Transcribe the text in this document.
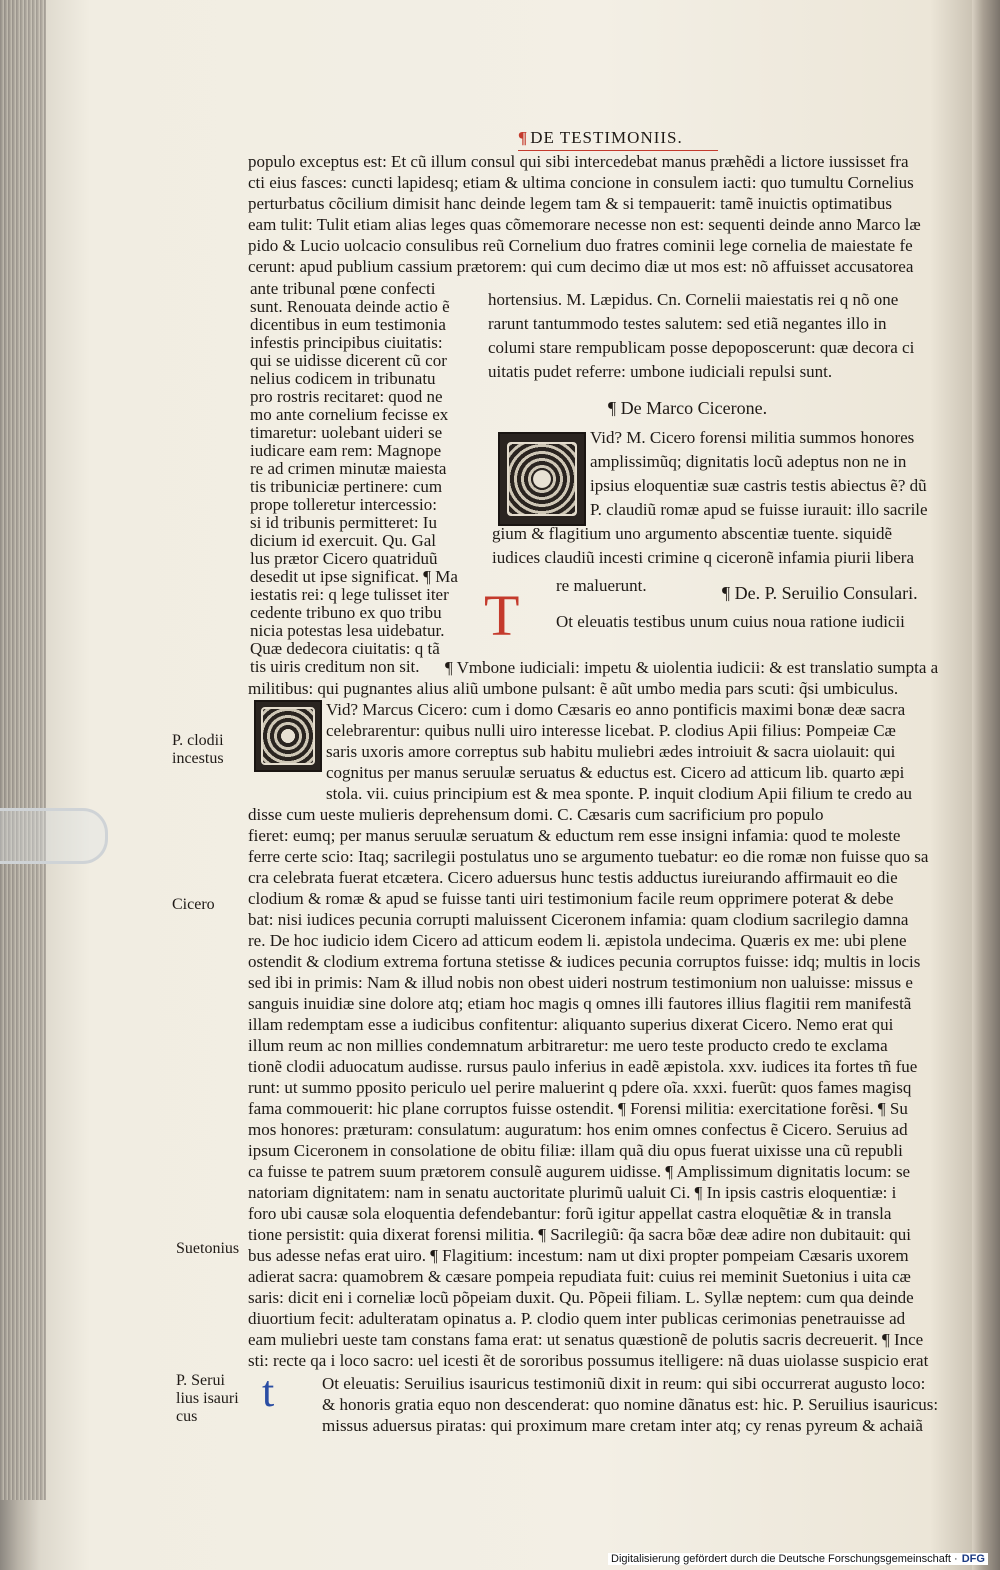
¶ DE TESTIMONIIS.
populo exceptus est: Et cũ illum consul qui sibi intercedebat manus præhẽdi a lictore iussisset fra
cti eius fasces: cuncti lapidesq; etiam & ultima concione in consulem iacti: quo tumultu Cornelius
perturbatus cõcilium dimisit hanc deinde legem tam & si tempauerit: tamẽ inuictis optimatibus
eam tulit: Tulit etiam alias leges quas cõmemorare necesse non est: sequenti deinde anno Marco læ
pido & Lucio uolcacio consulibus reũ Cornelium duo fratres cominii lege cornelia de maiestate fe
cerunt: apud publium cassium prætorem: qui cum decimo diæ ut mos est: nõ affuisset accusatorea
ante tribunal pœne confecti
sunt. Renouata deinde actio ẽ
dicentibus in eum testimonia
infestis principibus ciuitatis:
qui se uidisse dicerent cũ cor
nelius codicem in tribunatu
pro rostris recitaret: quod ne
mo ante cornelium fecisse ex
timaretur: uolebant uideri se
iudicare eam rem: Magnope
re ad crimen minutæ maiesta
tis tribuniciæ pertinere: cum
prope tolleretur intercessio:
si id tribunis permitteret: Iu
dicium id exercuit. Qu. Gal
lus prætor Cicero quatriduũ
desedit ut ipse significat. ¶ Ma
iestatis rei: q lege tulisset iter
cedente tribuno ex quo tribu
nicia potestas lesa uidebatur.
Quæ dedecora ciuitatis: q tã
tis uiris creditum non sit.
hortensius. M. Læpidus. Cn. Cornelii maiestatis rei q nõ one
rarunt tantummodo testes salutem: sed etiã negantes illo in
columi stare rempublicam posse depoposcerunt: quæ decora ci
uitatis pudet referre: umbone iudiciali repulsi sunt.
¶ De Marco Cicerone.
Vid? M. Cicero forensi militia summos honores
amplissimũq; dignitatis locũ adeptus non ne in
ipsius eloquentiæ suæ castris testis abiectus ẽ? dũ
P. claudiũ romæ apud se fuisse iurauit: illo sacrile
gium & flagitium uno argumento abscentiæ tuente. siquidẽ
iudices claudiũ incesti crimine q ciceronẽ infamia piurii libera
re maluerunt.	¶ De. P. Seruilio Consulari.
T Ot eleuatis testibus unum cuius noua ratione iudicii
¶ Vmbone iudiciali: impetu & uiolentia iudicii: & est translatio sumpta a
militibus: qui pugnantes alius aliũ umbone pulsant: ẽ aũt umbo media pars scuti: q̃si umbiculus.
Vid? Marcus Cicero: cum i domo Cæsaris eo anno pontificis maximi bonæ deæ sacra
celebrarentur: quibus nulli uiro interesse licebat. P. clodius Apii filius: Pompeiæ Cæ
saris uxoris amore correptus sub habitu muliebri ædes introiuit & sacra uiolauit: qui
cognitus per manus seruulæ seruatus & eductus est. Cicero ad atticum lib. quarto æpi
stola. vii. cuius principium est & mea sponte. P. inquit clodium Apii filium te credo au
disse cum ueste mulieris deprehensum domi. C. Cæsaris cum sacrificium pro populo
fieret: eumq; per manus seruulæ seruatum & eductum rem esse insigni infamia: quod te moleste
ferre certe scio: Itaq; sacrilegii postulatus uno se argumento tuebatur: eo die romæ non fuisse quo sa
cra celebrata fuerat etcætera. Cicero aduersus hunc testis adductus iureiurando affirmauit eo die
clodium & romæ & apud se fuisse tanti uiri testimonium facile reum opprimere poterat & debe
bat: nisi iudices pecunia corrupti maluissent Ciceronem infamia: quam clodium sacrilegio damna
re. De hoc iudicio idem Cicero ad atticum eodem li. æpistola undecima. Quæris ex me: ubi plene
ostendit & clodium extrema fortuna stetisse & iudices pecunia corruptos fuisse: idq; multis in locis
sed ibi in primis: Nam & illud nobis non obest uideri nostrum testimonium non ualuisse: missus e
sanguis inuidiæ sine dolore atq; etiam hoc magis q omnes illi fautores illius flagitii rem manifestã
illam redemptam esse a iudicibus confitentur: aliquanto superius dixerat Cicero. Nemo erat qui
illum reum ac non millies condemnatum arbitraretur: me uero teste producto credo te exclama
tionẽ clodii aduocatum audisse. rursus paulo inferius in eadẽ æpistola. xxv. iudices ita fortes tñ fue
runt: ut summo pposito periculo uel perire maluerint q pdere oĩa. xxxi. fuerũt: quos fames magisq
fama commouerit: hic plane corruptos fuisse ostendit. ¶ Forensi militia: exercitatione forẽsi. ¶ Su
mos honores: præturam: consulatum: auguratum: hos enim omnes confectus ẽ Cicero. Seruius ad
ipsum Ciceronem in consolatione de obitu filiæ: illam quã diu opus fuerat uixisse una cũ republi
ca fuisse te patrem suum prætorem consulẽ augurem uidisse. ¶ Amplissimum dignitatis locum: se
natoriam dignitatem: nam in senatu auctoritate plurimũ ualuit Ci. ¶ In ipsis castris eloquentiæ: i
foro ubi causæ sola eloquentia defendebantur: forũ igitur appellat castra eloquẽtiæ & in transla
tione persistit: quia dixerat forensi militia. ¶ Sacrilegiũ: q̃a sacra bõæ deæ adire non dubitauit: qui
bus adesse nefas erat uiro. ¶ Flagitium: incestum: nam ut dixi propter pompeiam Cæsaris uxorem
adierat sacra: quamobrem & cæsare pompeia repudiata fuit: cuius rei meminit Suetonius i uita cæ
saris: dicit eni i corneliæ locũ põpeiam duxit. Qu. Põpeii filiam. L. Syllæ neptem: cum qua deinde
diuortium fecit: adulteratam opinatus a. P. clodio quem inter publicas cerimonias penetrauisse ad
eam muliebri ueste tam constans fama erat: ut senatus quæstionẽ de polutis sacris decreuerit. ¶ Ince
sti: recte qa i loco sacro: uel icesti ẽt de sororibus possumus itelligere: nã duas uiolasse suspicio erat
Ot eleuatis: Seruilius isauricus testimoniũ dixit in reum: qui sibi occurrerat augusto loco:
& honoris gratia equo non descenderat: quo nomine dãnatus est: hic. P. Seruilius isauricus:
missus aduersus piratas: qui proximum mare cretam inter atq; cy renas pyreum & achaiã
t
P. clodii
incestus
Cicero
Suetonius
P. Serui
lius isauri
cus
Digitalisierung gefördert durch die Deutsche Forschungsgemeinschaft · DFG
